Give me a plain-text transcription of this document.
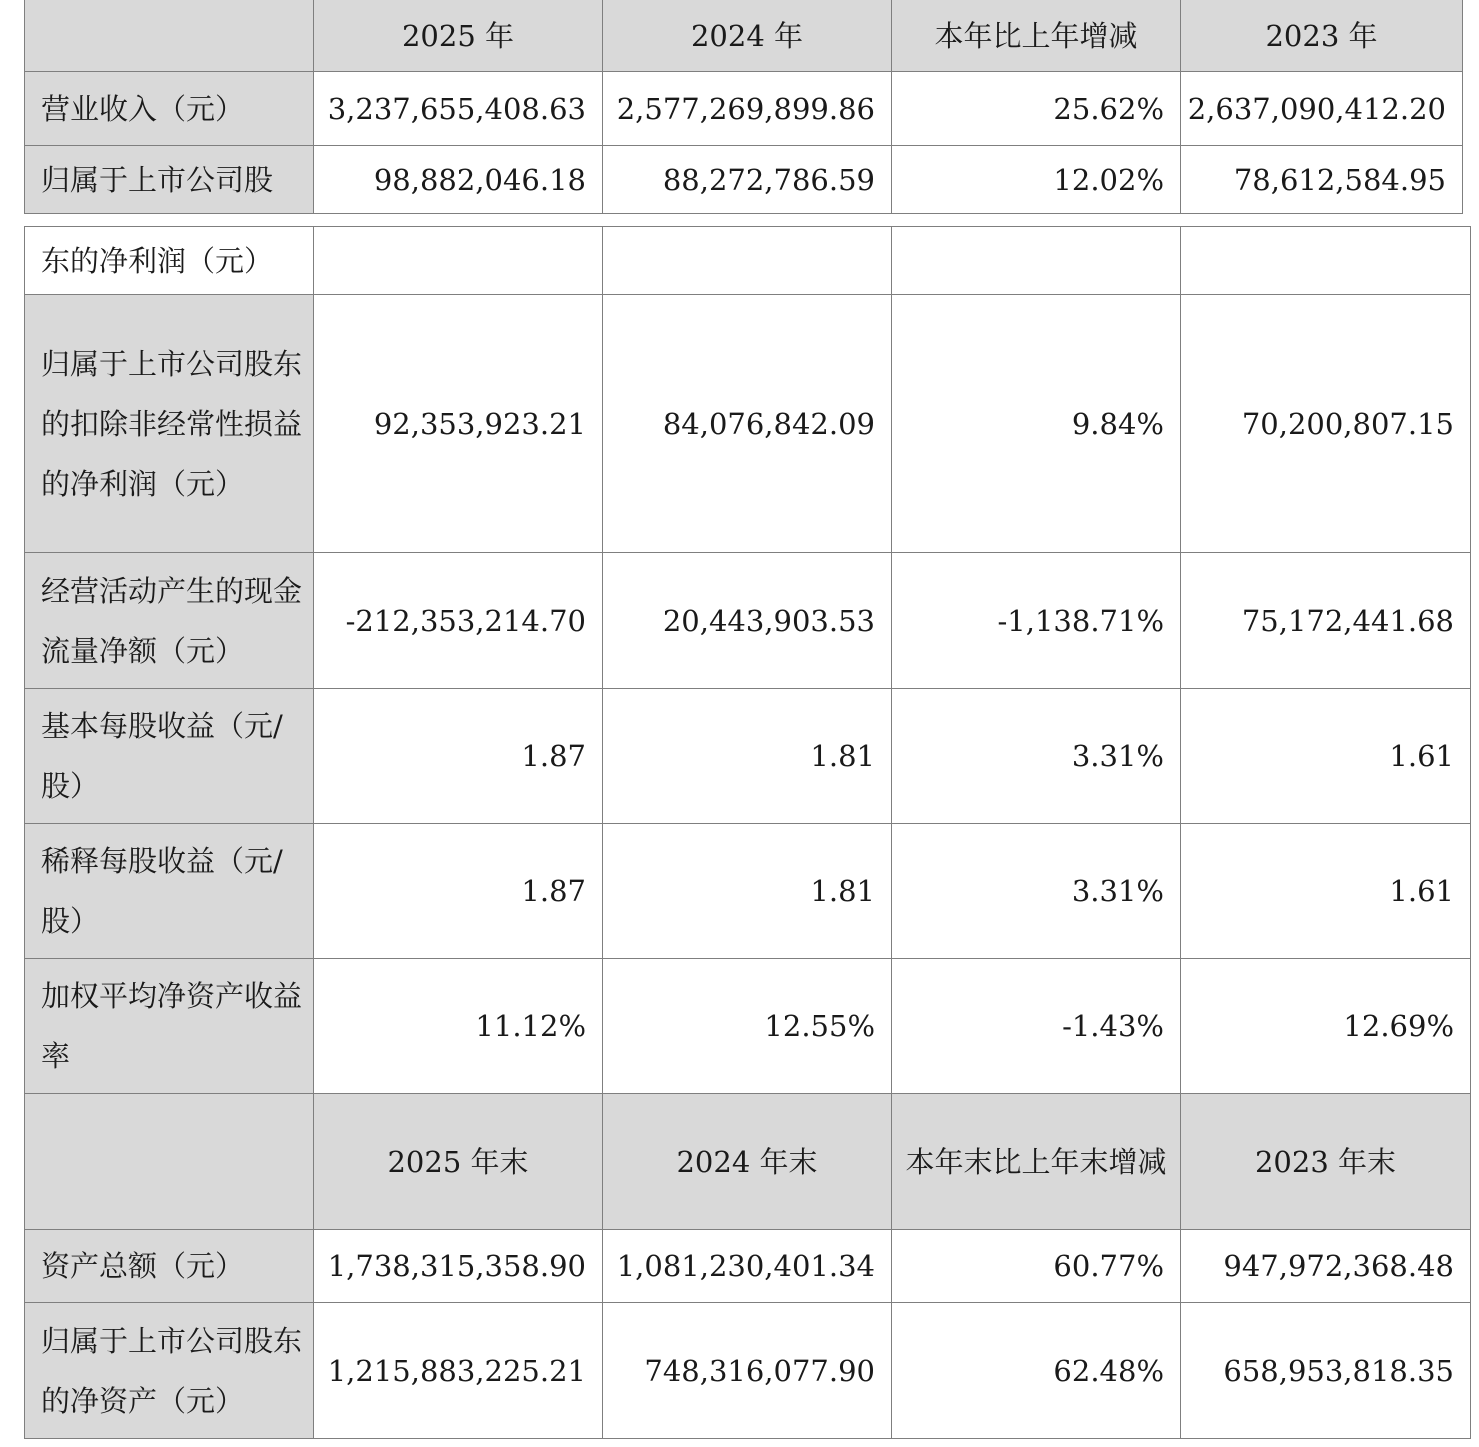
	2025 年	2024 年	本年比上年增减	2023 年
营业收入（元）	3,237,655,408.63	2,577,269,899.86	25.62%	2,637,090,412.20
归属于上市公司股	98,882,046.18	88,272,786.59	12.02%	78,612,584.95
东的净利润（元）				
归属于上市公司股东的扣除非经常性损益的净利润（元）	92,353,923.21	84,076,842.09	9.84%	70,200,807.15
经营活动产生的现金流量净额（元）	-212,353,214.70	20,443,903.53	-1,138.71%	75,172,441.68
基本每股收益（元/股）	1.87	1.81	3.31%	1.61
稀释每股收益（元/股）	1.87	1.81	3.31%	1.61
加权平均净资产收益率	11.12%	12.55%	-1.43%	12.69%
	2025 年末	2024 年末	本年末比上年末增减	2023 年末
资产总额（元）	1,738,315,358.90	1,081,230,401.34	60.77%	947,972,368.48
归属于上市公司股东的净资产（元）	1,215,883,225.21	748,316,077.90	62.48%	658,953,818.35
